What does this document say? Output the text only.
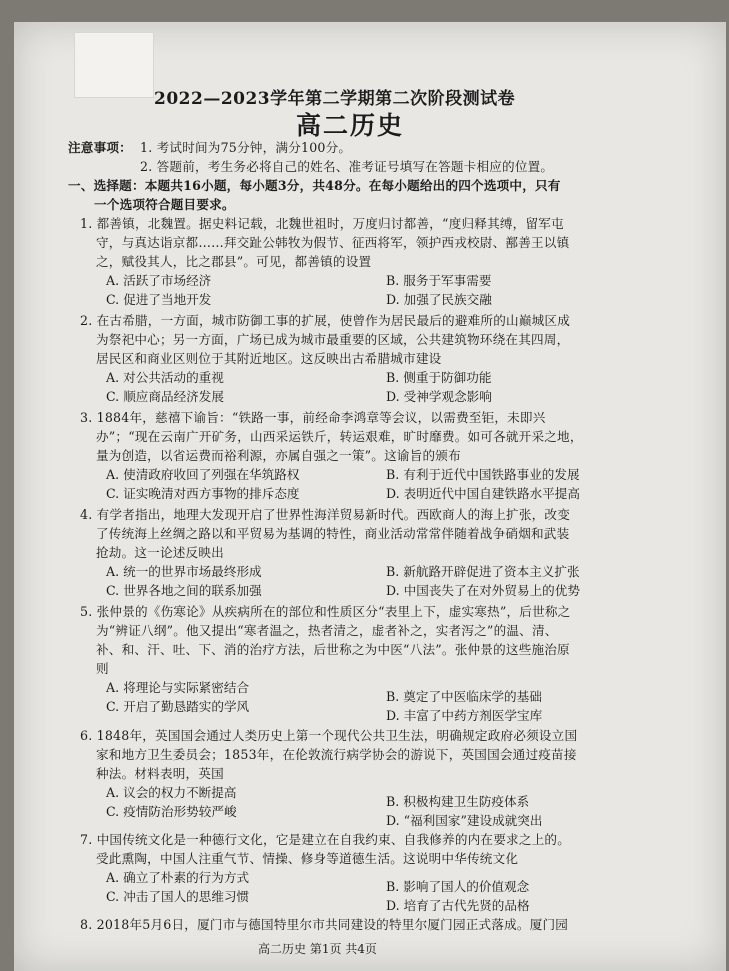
2022—2023学年第二学期第二次阶段测试卷
高二历史
注意事项： 1. 考试时间为75分钟，满分100分。
2. 答题前，考生务必将自己的姓名、准考证号填写在答题卡相应的位置。
一、选择题：本题共16小题，每小题3分，共48分。在每小题给出的四个选项中，只有
一个选项符合题目要求。
1. 都善镇，北魏置。据史料记载，北魏世祖时，万度归讨都善，“度归释其缚，留军屯
守，与真达诣京都……拜交趾公韩牧为假节、征西将军，领护西戎校尉、鄯善王以镇
之，赋役其人，比之郡县”。可见，都善镇的设置
A. 活跃了市场经济	B. 服务于军事需要
C. 促进了当地开发	D. 加强了民族交融
2. 在古希腊，一方面，城市防御工事的扩展，使曾作为居民最后的避难所的山巅城区成
为祭祀中心；另一方面，广场已成为城市最重要的区域，公共建筑物环绕在其四周，
居民区和商业区则位于其附近地区。这反映出古希腊城市建设
A. 对公共活动的重视	B. 侧重于防御功能
C. 顺应商品经济发展	D. 受神学观念影响
3. 1884年，慈禧下谕旨：“铁路一事，前经命李鸿章等会议，以需费至钜，未即兴
办”；“现在云南广开矿务，山西采运铁斤，转运艰难，旷时靡费。如可各就开采之地，
量为创造，以省运费而裕利源，亦属自强之一策”。这谕旨的颁布
A. 使清政府收回了列强在华筑路权	B. 有利于近代中国铁路事业的发展
C. 证实晚清对西方事物的排斥态度	D. 表明近代中国自建铁路水平提高
4. 有学者指出，地理大发现开启了世界性海洋贸易新时代。西欧商人的海上扩张，改变
了传统海上丝绸之路以和平贸易为基调的特性，商业活动常常伴随着战争硝烟和武装
抢劫。这一论述反映出
A. 统一的世界市场最终形成	B. 新航路开辟促进了资本主义扩张
C. 世界各地之间的联系加强	D. 中国丧失了在对外贸易上的优势
5. 张仲景的《伤寒论》从疾病所在的部位和性质区分“表里上下，虚实寒热”，后世称之
为“辨证八纲”。他又提出“寒者温之，热者清之，虚者补之，实者泻之”的温、清、
补、和、汗、吐、下、消的治疗方法，后世称之为中医“八法”。张仲景的这些施治原
则
A. 将理论与实际紧密结合
B. 奠定了中医临床学的基础
C. 开启了勤恳踏实的学风
D. 丰富了中药方剂医学宝库
6. 1848年，英国国会通过人类历史上第一个现代公共卫生法，明确规定政府必须设立国
家和地方卫生委员会；1853年，在伦敦流行病学协会的游说下，英国国会通过疫苗接
种法。材料表明，英国
A. 议会的权力不断提高
B. 积极构建卫生防疫体系
C. 疫情防治形势较严峻
D. “福利国家”建设成就突出
7. 中国传统文化是一种德行文化，它是建立在自我约束、自我修养的内在要求之上的。
受此熏陶，中国人注重气节、情操、修身等道德生活。这说明中华传统文化
A. 确立了朴素的行为方式
B. 影响了国人的价值观念
C. 冲击了国人的思维习惯
D. 培育了古代先贤的品格
8. 2018年5月6日，厦门市与德国特里尔市共同建设的特里尔厦门园正式落成。厦门园
高二历史 第1页 共4页
